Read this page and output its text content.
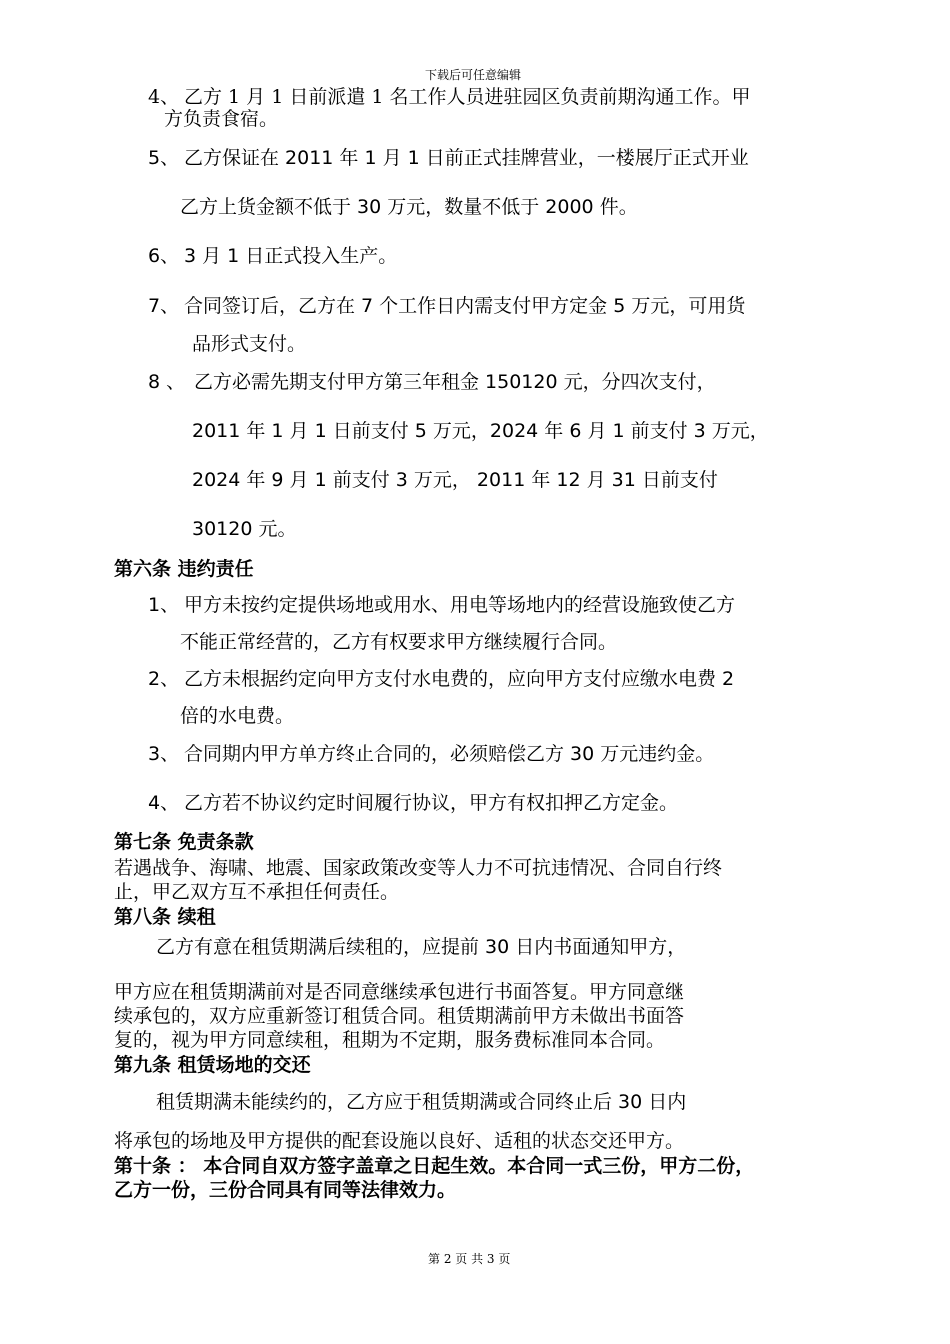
下载后可任意编辑
4、 乙方 1 月 1 日前派遣 1 名工作人员进驻园区负责前期沟通工作。甲
方负责食宿。
5、 乙方保证在 2011 年 1 月 1 日前正式挂牌营业，一楼展厅正式开业
乙方上货金额不低于 30 万元，数量不低于 2000 件。
6、 3 月 1 日正式投入生产。
7、 合同签订后，乙方在 7 个工作日内需支付甲方定金 5 万元，可用货
品形式支付。
8 、 乙方必需先期支付甲方第三年租金 150120 元，分四次支付，
2011 年 1 月 1 日前支付 5 万元，2024 年 6 月 1 前支付 3 万元，
2024 年 9 月 1 前支付 3 万元， 2011 年 12 月 31 日前支付
30120 元。
第六条 违约责任
1、 甲方未按约定提供场地或用水、用电等场地内的经营设施致使乙方
不能正常经营的，乙方有权要求甲方继续履行合同。
2、 乙方未根据约定向甲方支付水电费的，应向甲方支付应缴水电费 2
倍的水电费。
3、 合同期内甲方单方终止合同的，必须赔偿乙方 30 万元违约金。
4、 乙方若不协议约定时间履行协议，甲方有权扣押乙方定金。
第七条 免责条款
若遇战争、海啸、地震、国家政策改变等人力不可抗违情况、合同自行终
止，甲乙双方互不承担任何责任。
第八条 续租
乙方有意在租赁期满后续租的，应提前 30 日内书面通知甲方，
甲方应在租赁期满前对是否同意继续承包进行书面答复。甲方同意继
续承包的，双方应重新签订租赁合同。租赁期满前甲方未做出书面答
复的，视为甲方同意续租，租期为不定期，服务费标准同本合同。
第九条 租赁场地的交还
租赁期满未能续约的，乙方应于租赁期满或合同终止后 30 日内
将承包的场地及甲方提供的配套设施以良好、适租的状态交还甲方。
第十条 ： 本合同自双方签字盖章之日起生效。本合同一式三份，甲方二份，
乙方一份，三份合同具有同等法律效力。
第 2 页 共 3 页
